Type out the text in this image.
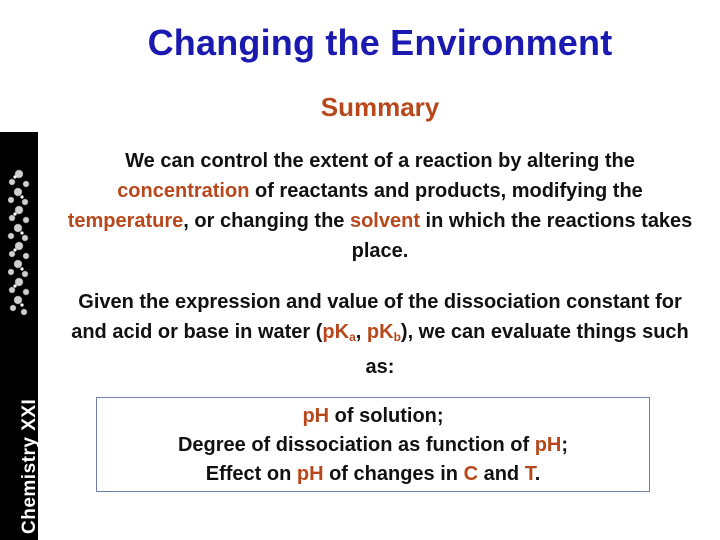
Changing the Environment
Summary
Chemistry XXI
We can control the extent of a reaction by altering the concentration of reactants and products, modifying the temperature, or changing the solvent in which the reactions takes place.
Given the expression and value of the dissociation constant for and acid or base in water ($pK_a$, $pK_b$), we can evaluate things such as:
pH of solution;
Degree of dissociation as function of pH;
Effect on pH of changes in C and T.
